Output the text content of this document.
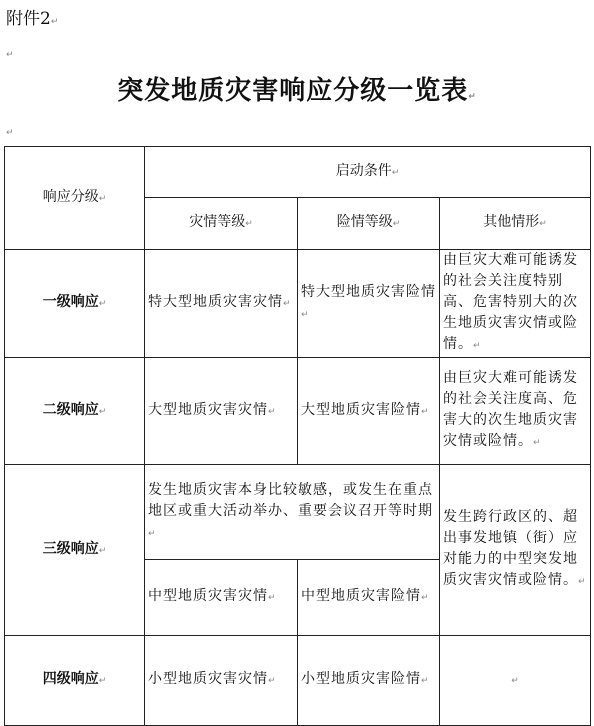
附件2↵
↵
突发地质灾害响应分级一览表↵
↵
响应分级↵	启动条件↵		
	灾情等级↵	险情等级↵	其他情形↵
一级响应↵	特大型地质灾害灾情↵	特大型地质灾害险情↵	由巨灾大难可能诱发的社会关注度特别高、危害特别大的次生地质灾害灾情或险情。↵
二级响应↵	大型地质灾害灾情↵	大型地质灾害险情↵	由巨灾大难可能诱发的社会关注度高、危害大的次生地质灾害灾情或险情。↵
三级响应↵	发生地质灾害本身比较敏感，或发生在重点地区或重大活动举办、重要会议召开等时期↵		发生跨行政区的、超出事发地镇（街）应对能力的中型突发地质灾害灾情或险情。↵
	中型地质灾害灾情↵	中型地质灾害险情↵	
四级响应↵	小型地质灾害灾情↵	小型地质灾害险情↵	↵
